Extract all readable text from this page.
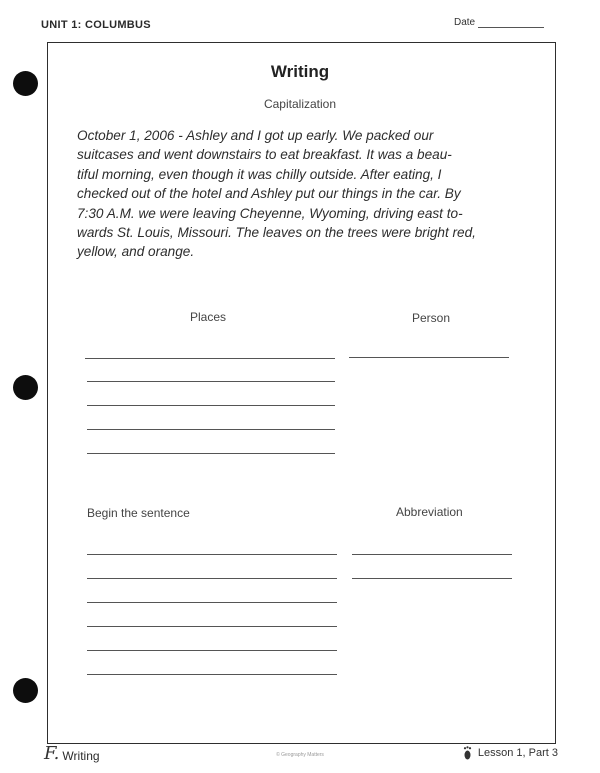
UNIT 1: COLUMBUS	Date
Writing
Capitalization
October 1, 2006 - Ashley and I got up early. We packed our
suitcases and went downstairs to eat breakfast. It was a beau-
tiful morning, even though it was chilly outside. After eating, I
checked out of the hotel and Ashley put our things in the car. By
7:30 A.M. we were leaving Cheyenne, Wyoming, driving east to-
wards St. Louis, Missouri. The leaves on the trees were bright red,
yellow, and orange.
Places	Person
Begin the sentence	Abbreviation
F. Writing	© Geography Matters	Lesson 1, Part 3
